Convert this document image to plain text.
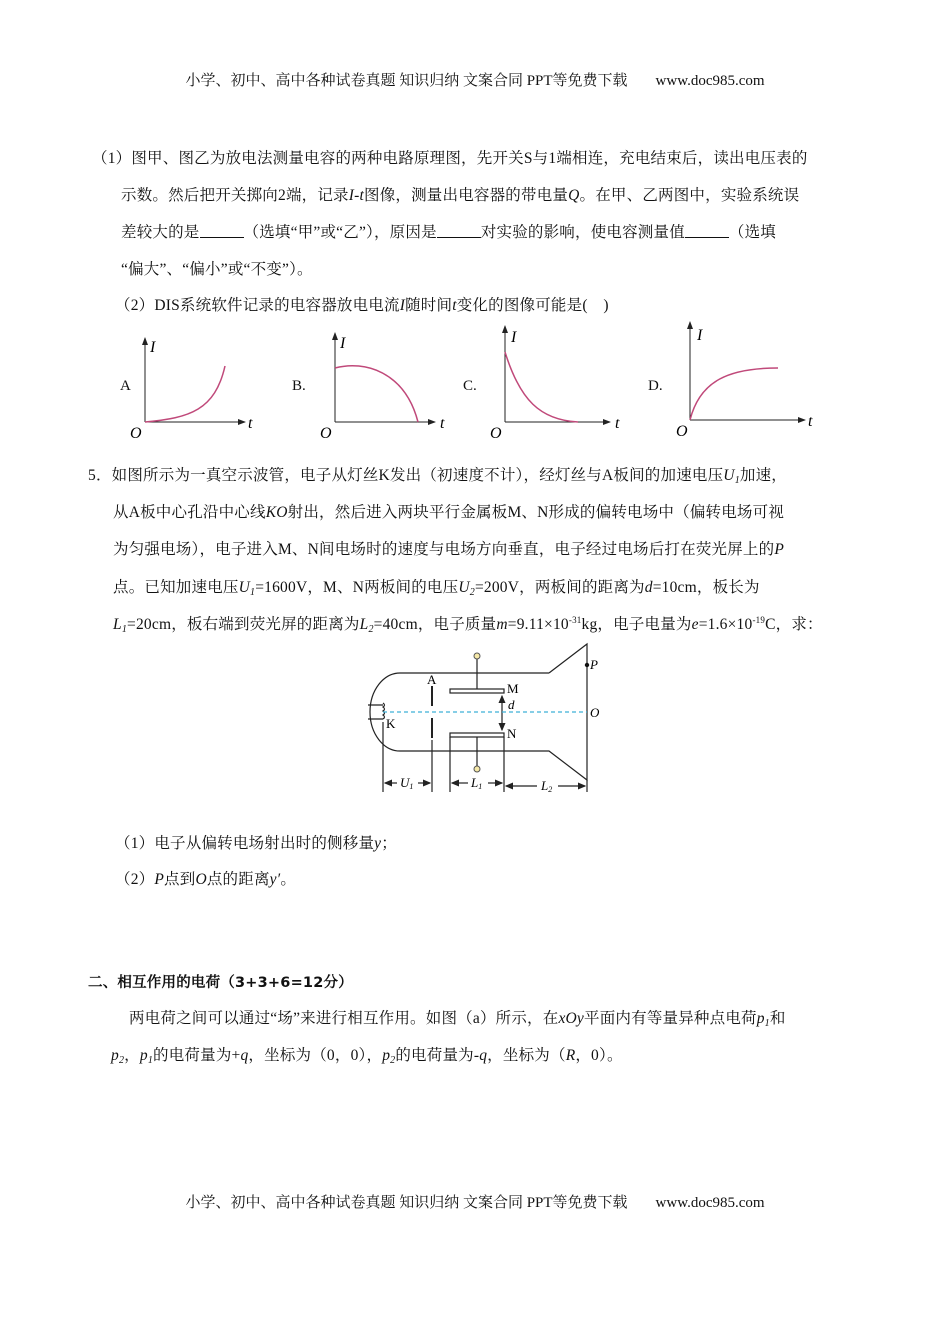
小学、初中、高中各种试卷真题 知识归纳 文案合同 PPT等免费下载 www.doc985.com
（1）图甲、图乙为放电法测量电容的两种电路原理图，先开关S与1端相连，充电结束后，读出电压表的
示数。然后把开关掷向2端，记录I-t图像，测量出电容器的带电量Q。在甲、乙两图中，实验系统误
差较大的是	（选填“甲”或“乙”），原因是	对实验的影响，使电容测量值	（选填
“偏大”、“偏小”或“不变”）。
（2）DIS系统软件记录的电容器放电电流I随时间t变化的图像可能是(　)
5．如图所示为一真空示波管，电子从灯丝K发出（初速度不计），经灯丝与A板间的加速电压$U_1$加速，
从A板中心孔沿中心线KO射出，然后进入两块平行金属板M、N形成的偏转电场中（偏转电场可视
为匀强电场），电子进入M、N间电场时的速度与电场方向垂直，电子经过电场后打在荧光屏上的P
点。已知加速电压$U_1=1600V$，M、N两板间的电压$U_2=200V$，两板间的距离为d=10cm，板长为
$L_1=20cm$，板右端到荧光屏的距离为$L_2=40cm$，电子质量$m=9.11\times 10^{-31}kg$，电子电量为$e=1.6\times 10^{-19}C$，求：
（1）电子从偏转电场射出时的侧移量y；
（2）P点到O点的距离y′。
二、相互作用的电荷（3+3+6=12分）
两电荷之间可以通过“场”来进行相互作用。如图（a）所示，在xOy平面内有等量异种点电荷$p_1$和
$p_2$，$p_1$的电荷量为+q，坐标为（0，0），$p_2$的电荷量为-q，坐标为（R，0）。
I
t
O
I
t
O
I
t
O
I
t
O
A	B.	C.	D.
A
M
N
K
d
P
O
U1	L1	L2
小学、初中、高中各种试卷真题 知识归纳 文案合同 PPT等免费下载 www.doc985.com
